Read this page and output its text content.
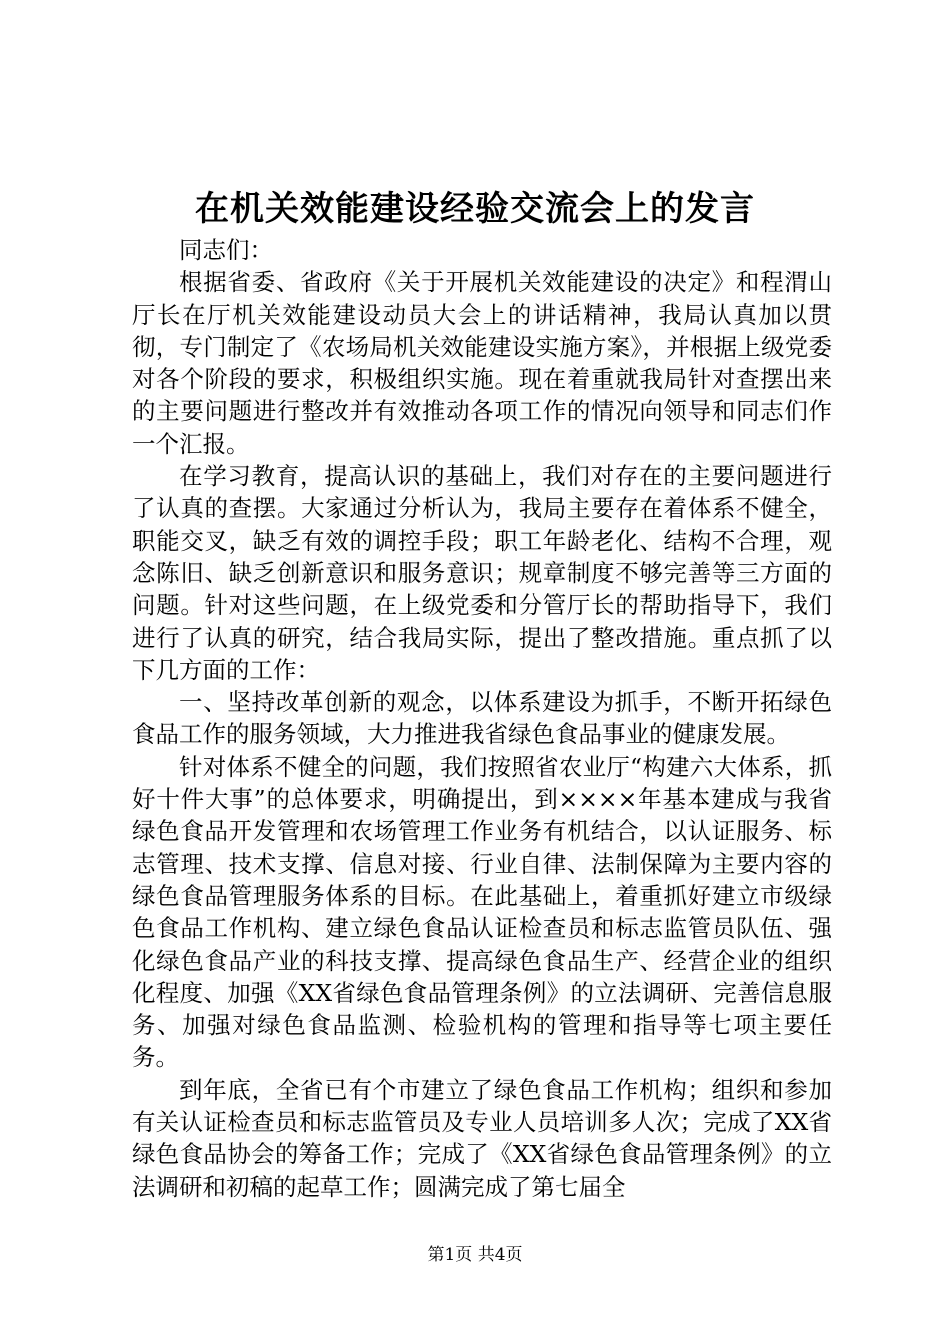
在机关效能建设经验交流会上的发言

同志们：

根据省委、省政府《关于开展机关效能建设的决定》和程渭山厅长在厅机关效能建设动员大会上的讲话精神，我局认真加以贯彻，专门制定了《农场局机关效能建设实施方案》，并根据上级党委对各个阶段的要求，积极组织实施。现在着重就我局针对查摆出来的主要问题进行整改并有效推动各项工作的情况向领导和同志们作一个汇报。

在学习教育，提高认识的基础上，我们对存在的主要问题进行了认真的查摆。大家通过分析认为，我局主要存在着体系不健全，职能交叉，缺乏有效的调控手段；职工年龄老化、结构不合理，观念陈旧、缺乏创新意识和服务意识；规章制度不够完善等三方面的问题。针对这些问题，在上级党委和分管厅长的帮助指导下，我们进行了认真的研究，结合我局实际，提出了整改措施。重点抓了以下几方面的工作：

一、坚持改革创新的观念，以体系建设为抓手，不断开拓绿色食品工作的服务领域，大力推进我省绿色食品事业的健康发展。

针对体系不健全的问题，我们按照省农业厅“构建六大体系，抓好十件大事”的总体要求，明确提出，到××××年基本建成与我省绿色食品开发管理和农场管理工作业务有机结合，以认证服务、标志管理、技术支撑、信息对接、行业自律、法制保障为主要内容的绿色食品管理服务体系的目标。在此基础上，着重抓好建立市级绿色食品工作机构、建立绿色食品认证检查员和标志监管员队伍、强化绿色食品产业的科技支撑、提高绿色食品生产、经营企业的组织化程度、加强《XX省绿色食品管理条例》的立法调研、完善信息服务、加强对绿色食品监测、检验机构的管理和指导等七项主要任务。

到年底，全省已有个市建立了绿色食品工作机构；组织和参加有关认证检查员和标志监管员及专业人员培训多人次；完成了XX省绿色食品协会的筹备工作；完成了《XX省绿色食品管理条例》的立法调研和初稿的起草工作；圆满完成了第七届全

第1页 共4页
